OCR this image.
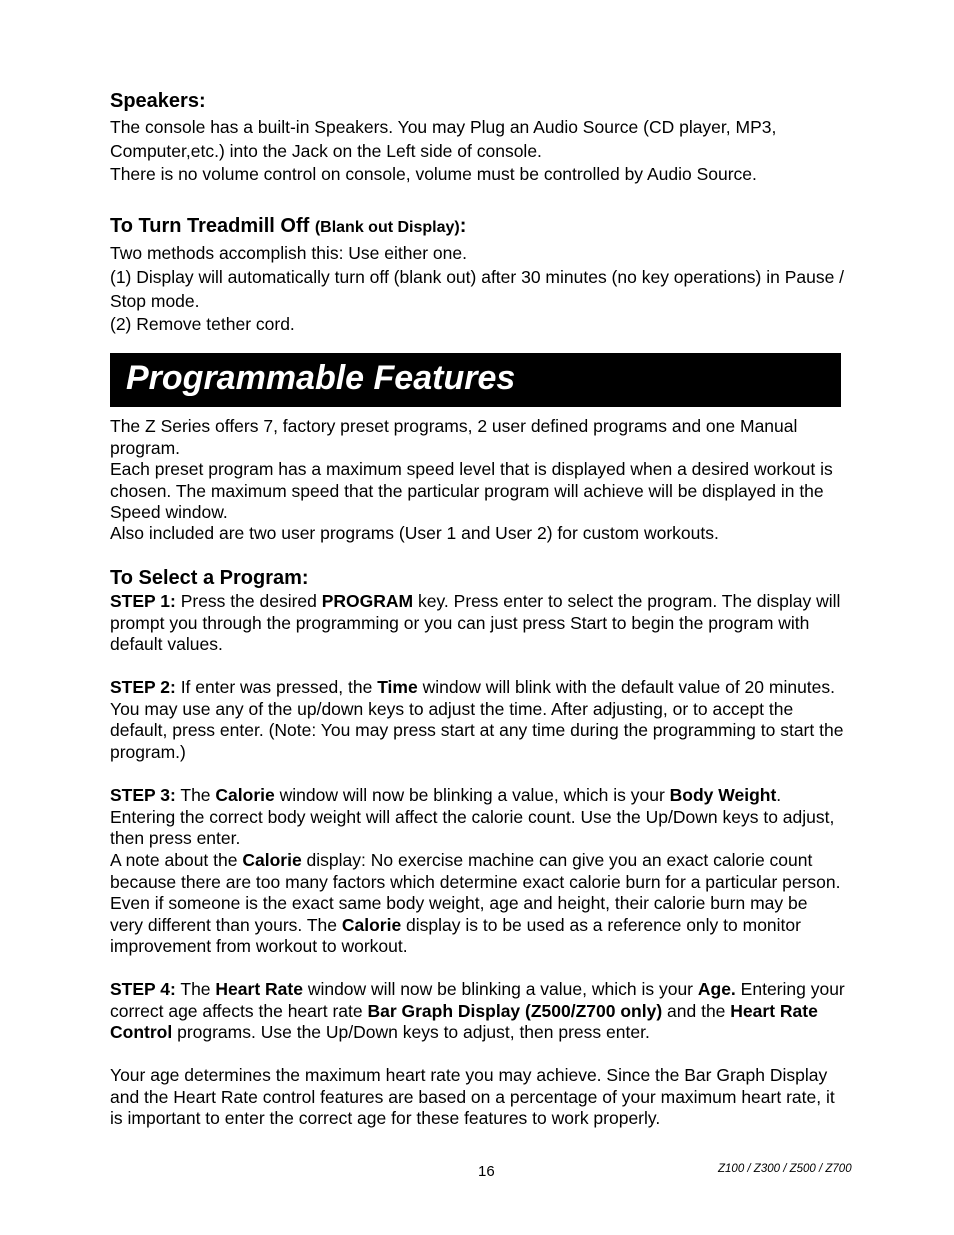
Speakers:

The console has a built-in Speakers. You may Plug an Audio Source (CD player, MP3, Computer,etc.) into the Jack on the Left side of console.

There is no volume control on console, volume must be controlled by Audio Source.

To Turn Treadmill Off (Blank out Display):

Two methods accomplish this: Use either one.

(1) Display will automatically turn off (blank out) after 30 minutes (no key operations) in Pause / Stop mode.

(2) Remove tether cord.

Programmable Features

The Z Series offers 7, factory preset programs, 2 user defined programs and one Manual program.

Each preset program has a maximum speed level that is displayed when a desired workout is chosen. The maximum speed that the particular program will achieve will be displayed in the Speed window.

Also included are two user programs (User 1 and User 2) for custom workouts.

To Select a Program:

STEP 1: Press the desired PROGRAM key. Press enter to select the program. The display will prompt you through the programming or you can just press Start to begin the program with default values.

STEP 2: If enter was pressed, the Time window will blink with the default value of 20 minutes. You may use any of the up/down keys to adjust the time. After adjusting, or to accept the default, press enter. (Note: You may press start at any time during the programming to start the program.)

STEP 3: The Calorie window will now be blinking a value, which is your Body Weight. Entering the correct body weight will affect the calorie count. Use the Up/Down keys to adjust, then press enter.

A note about the Calorie display: No exercise machine can give you an exact calorie count because there are too many factors which determine exact calorie burn for a particular person. Even if someone is the exact same body weight, age and height, their calorie burn may be very different than yours. The Calorie display is to be used as a reference only to monitor improvement from workout to workout.

STEP 4: The Heart Rate window will now be blinking a value, which is your Age. Entering your correct age affects the heart rate Bar Graph Display (Z500/Z700 only) and the Heart Rate Control programs. Use the Up/Down keys to adjust, then press enter.

Your age determines the maximum heart rate you may achieve. Since the Bar Graph Display and the Heart Rate control features are based on a percentage of your maximum heart rate, it is important to enter the correct age for these features to work properly.

16	Z100 / Z300 / Z500 / Z700
